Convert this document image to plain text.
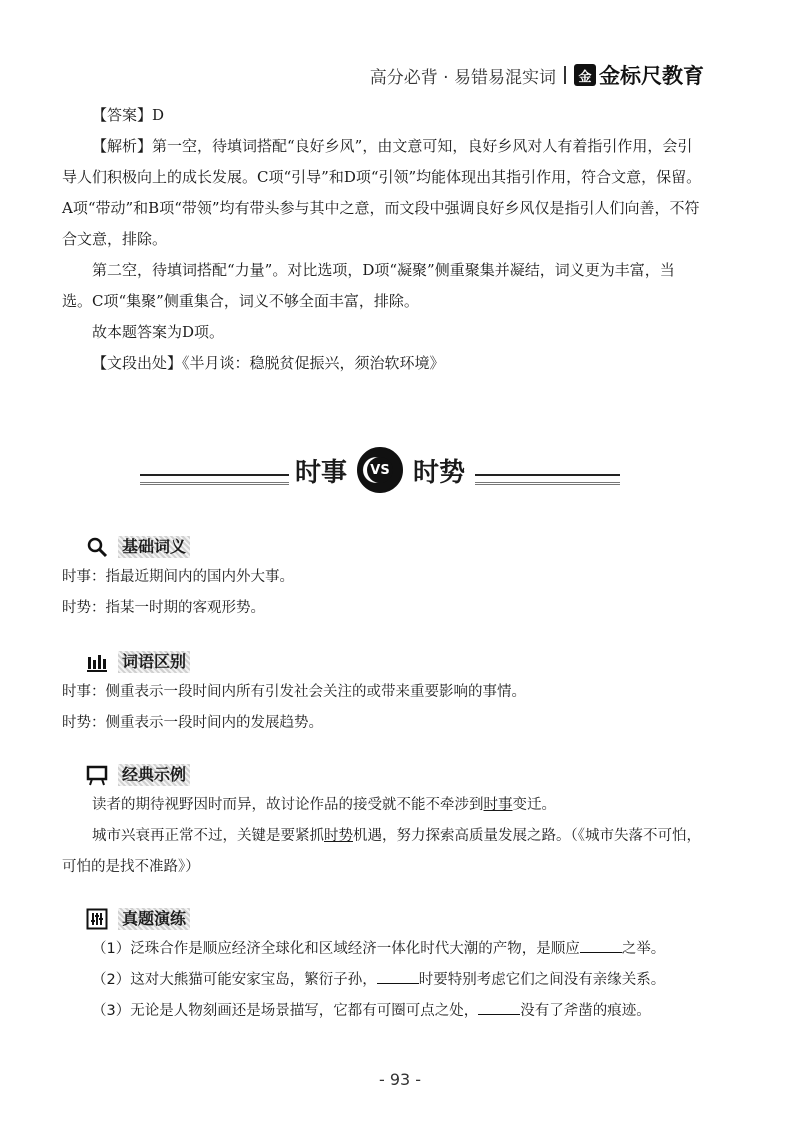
高分必背 · 易错易混实词	金 金标尺教育

【答案】D

【解析】第一空，待填词搭配“良好乡风”，由文意可知，良好乡风对人有着指引作用，会引导人们积极向上的成长发展。C项“引导”和D项“引领”均能体现出其指引作用，符合文意，保留。A项“带动”和B项“带领”均有带头参与其中之意，而文段中强调良好乡风仅是指引人们向善，不符合文意，排除。

第二空，待填词搭配“力量”。对比选项，D项“凝聚”侧重聚集并凝结，词义更为丰富，当选。C项“集聚”侧重集合，词义不够全面丰富，排除。

故本题答案为D项。

【文段出处】《半月谈：稳脱贫促振兴，须治软环境》

时事 VS 时势
基础词义

时事：指最近期间内的国内外大事。

时势：指某一时期的客观形势。

词语区别

时事：侧重表示一段时间内所有引发社会关注的或带来重要影响的事情。

时势：侧重表示一段时间内的发展趋势。

经典示例

读者的期待视野因时而异，故讨论作品的接受就不能不牵涉到时事变迁。

城市兴衰再正常不过，关键是要紧抓时势机遇，努力探索高质量发展之路。（《城市失落不可怕，可怕的是找不准路》）

真题演练

（1）泛珠合作是顺应经济全球化和区域经济一体化时代大潮的产物，是顺应	之举。

（2）这对大熊猫可能安家宝岛，繁衍子孙，	时要特别考虑它们之间没有亲缘关系。

（3）无论是人物刻画还是场景描写，它都有可圈可点之处，	没有了斧凿的痕迹。

- 93 -
